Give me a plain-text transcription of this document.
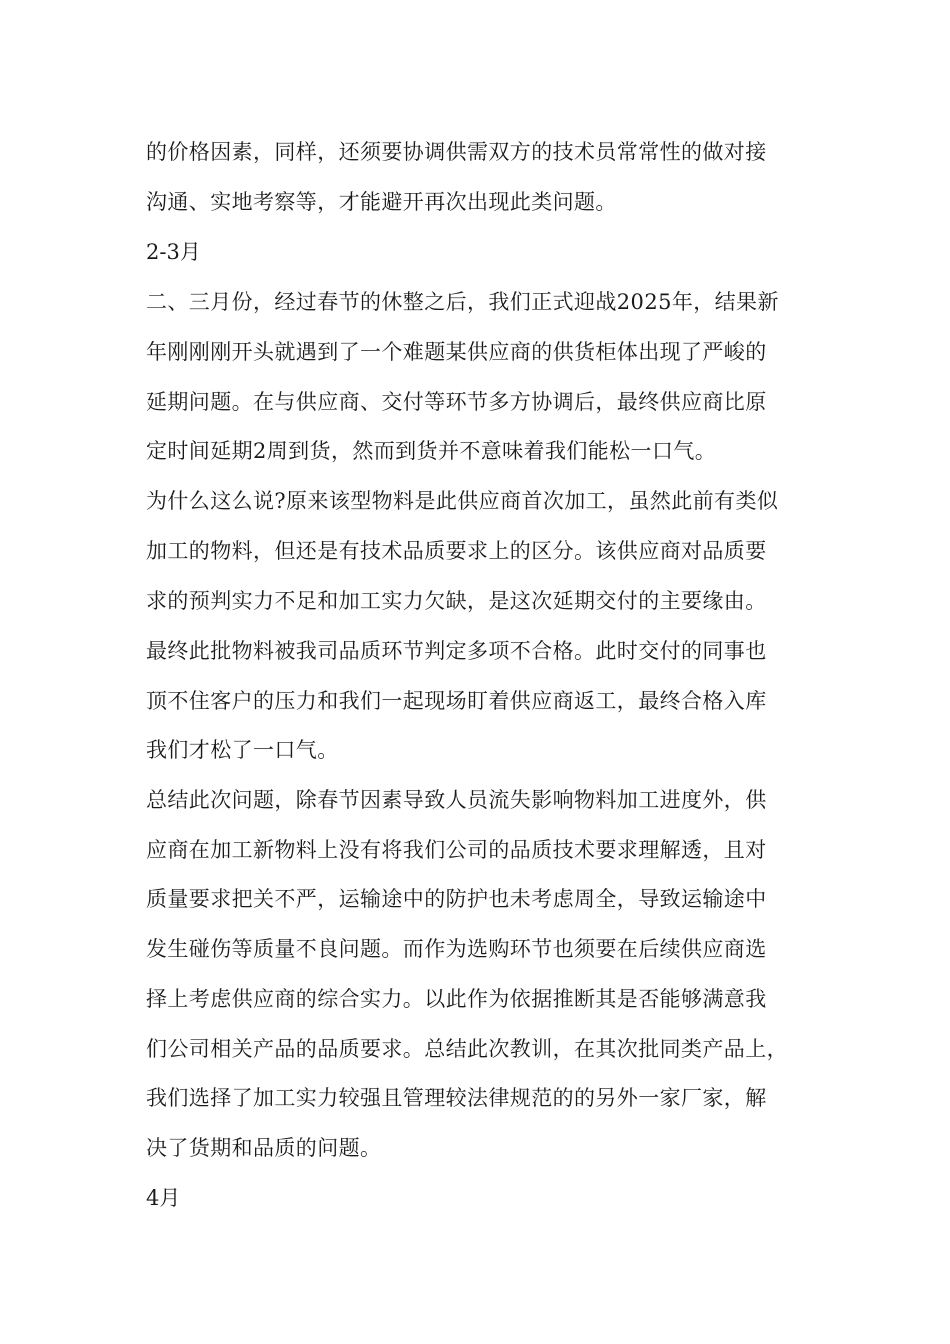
的价格因素，同样，还须要协调供需双方的技术员常常性的做对接
沟通、实地考察等，才能避开再次出现此类问题。
2-3月
二、三月份，经过春节的休整之后，我们正式迎战2025年，结果新
年刚刚刚开头就遇到了一个难题某供应商的供货柜体出现了严峻的
延期问题。在与供应商、交付等环节多方协调后，最终供应商比原
定时间延期2周到货，然而到货并不意味着我们能松一口气。
为什么这么说?原来该型物料是此供应商首次加工，虽然此前有类似
加工的物料，但还是有技术品质要求上的区分。该供应商对品质要
求的预判实力不足和加工实力欠缺，是这次延期交付的主要缘由。
最终此批物料被我司品质环节判定多项不合格。此时交付的同事也
顶不住客户的压力和我们一起现场盯着供应商返工，最终合格入库
我们才松了一口气。
总结此次问题，除春节因素导致人员流失影响物料加工进度外，供
应商在加工新物料上没有将我们公司的品质技术要求理解透，且对
质量要求把关不严，运输途中的防护也未考虑周全，导致运输途中
发生碰伤等质量不良问题。而作为选购环节也须要在后续供应商选
择上考虑供应商的综合实力。以此作为依据推断其是否能够满意我
们公司相关产品的品质要求。总结此次教训，在其次批同类产品上，
我们选择了加工实力较强且管理较法律规范的的另外一家厂家，解
决了货期和品质的问题。
4月
